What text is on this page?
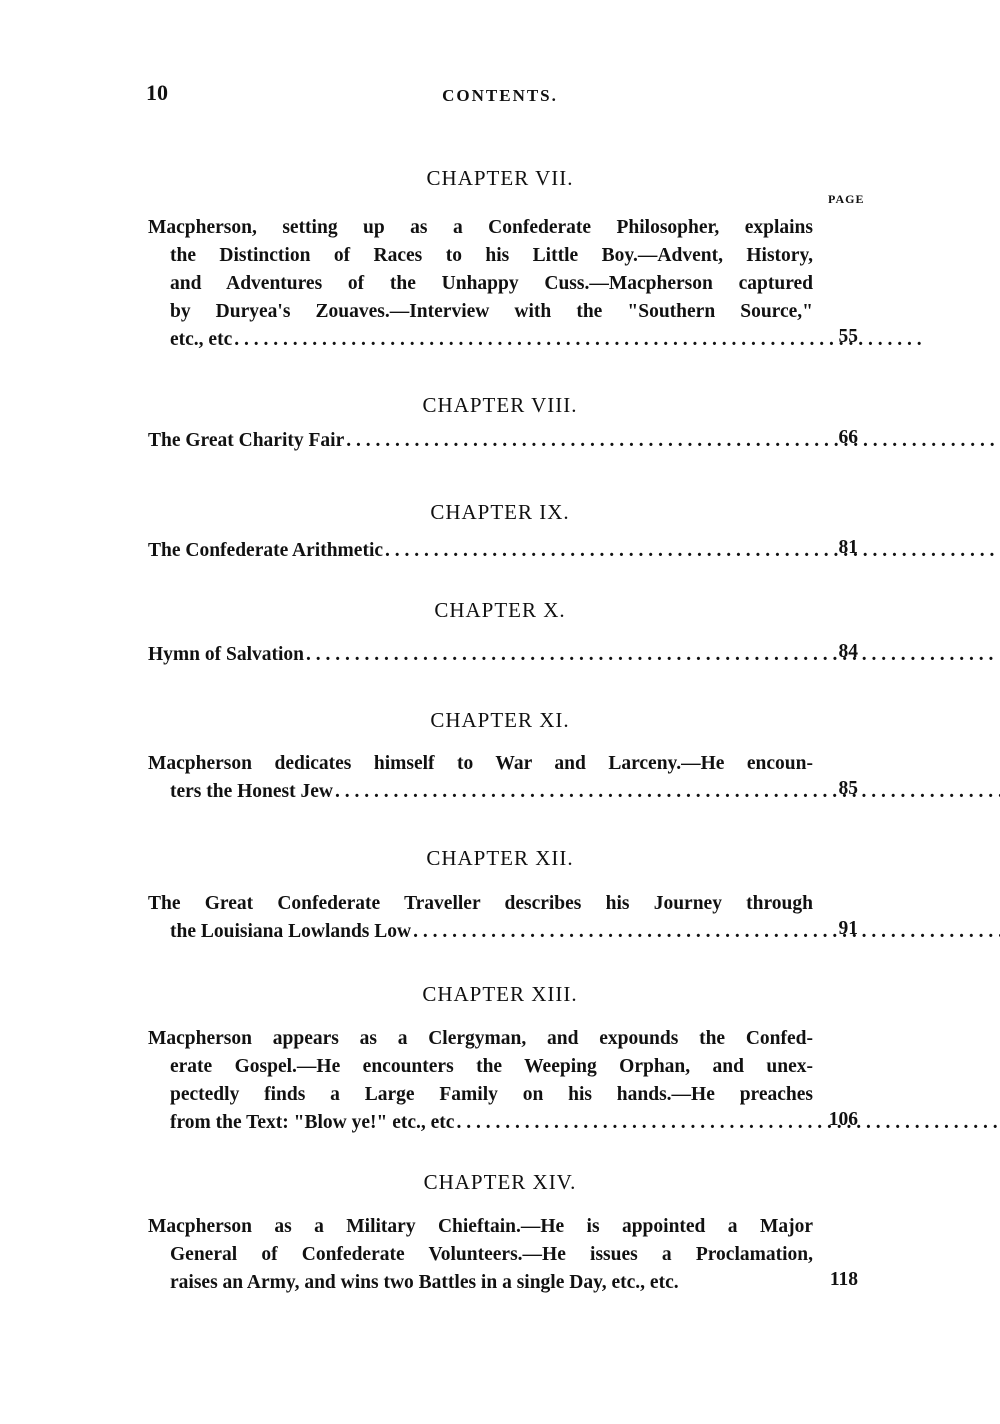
10	CONTENTS.
PAGE
CHAPTER VII.
Macpherson, setting up as a Confederate Philosopher, explains
the Distinction of Races to his Little Boy.—Advent, History,
and Adventures of the Unhappy Cuss.—Macpherson captured
by Duryea's Zouaves.—Interview with the "Southern Source,"
etc., etc . . .	55
CHAPTER VIII.
The Great Charity Fair . . .	66
CHAPTER IX.
The Confederate Arithmetic . . .	81
CHAPTER X.
Hymn of Salvation . . .	84
CHAPTER XI.
Macpherson dedicates himself to War and Larceny.—He encoun-
ters the Honest Jew . . .	85
CHAPTER XII.
The Great Confederate Traveller describes his Journey through
the Louisiana Lowlands Low . . .	91
CHAPTER XIII.
Macpherson appears as a Clergyman, and expounds the Confed-
erate Gospel.—He encounters the Weeping Orphan, and unex-
pectedly finds a Large Family on his hands.—He preaches
from the Text: "Blow ye!" etc., etc . . .	106
CHAPTER XIV.
Macpherson as a Military Chieftain.—He is appointed a Major
General of Confederate Volunteers.—He issues a Proclamation,
raises an Army, and wins two Battles in a single Day, etc., etc.	118
